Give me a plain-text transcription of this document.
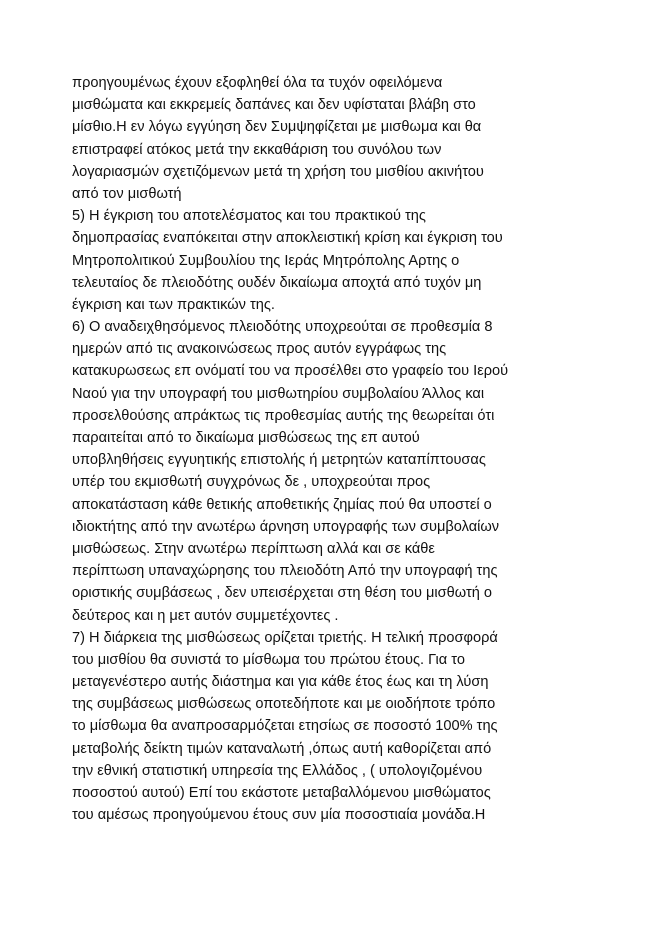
προηγουμένως έχουν εξοφληθεί όλα τα τυχόν οφειλόμενα
μισθώματα και εκκρεμείς δαπάνες και δεν υφίσταται βλάβη στο
μίσθιο.Η εν λόγω εγγύηση δεν Συμψηφίζεται με μισθωμα και θα
επιστραφεί ατόκος μετά την εκκαθάριση του συνόλου των
λογαριασμών σχετιζόμενων μετά τη χρήση του μισθίου ακινήτου
από τον μισθωτή
5) Η έγκριση του αποτελέσματος και του πρακτικού της
δημοπρασίας εναπόκειται στην αποκλειστική κρίση και έγκριση του
Μητροπολιτικού Συμβουλίου της Ιεράς Μητρόπολης Αρτης ο
τελευταίος δε πλειοδότης ουδέν δικαίωμα αποχτά από τυχόν μη
έγκριση και των πρακτικών της.
6) Ο αναδειχθησόμενος πλειοδότης υποχρεούται σε προθεσμία 8
ημερών από τις ανακοινώσεως προς αυτόν εγγράφως της
κατακυρωσεως επ ονόματί του να προσέλθει στο γραφείο του Ιερού
Ναού για την υπογραφή του μισθωτηρίου συμβολαίου Άλλος και
προσελθούσης απράκτως τις προθεσμίας αυτής της θεωρείται ότι
παραιτείται από το δικαίωμα μισθώσεως της επ αυτού
υποβληθήσεις εγγυητικής επιστολής ή μετρητών καταπίπτουσας
υπέρ του εκμισθωτή συγχρόνως δε , υποχρεούται προς
αποκατάσταση κάθε θετικής αποθετικής ζημίας πού θα υποστεί ο
ιδιοκτήτης από την ανωτέρω άρνηση υπογραφής των συμβολαίων
μισθώσεως. Στην ανωτέρω περίπτωση αλλά και σε κάθε
περίπτωση υπαναχώρησης του πλειοδότη Από την υπογραφή της
οριστικής συμβάσεως , δεν υπεισέρχεται στη θέση του μισθωτή ο
δεύτερος και η μετ αυτόν συμμετέχοντες .
7) Η διάρκεια της μισθώσεως ορίζεται τριετής. Η τελική προσφορά
του μισθίου θα συνιστά το μίσθωμα του πρώτου έτους. Για το
μεταγενέστερο αυτής διάστημα και για κάθε έτος έως και τη λύση
της συμβάσεως μισθώσεως οποτεδήποτε και με οιοδήποτε τρόπο
το μίσθωμα θα αναπροσαρμόζεται ετησίως σε ποσοστό 100% της
μεταβολής δείκτη τιμών καταναλωτή ,όπως αυτή καθορίζεται από
την εθνική στατιστική υπηρεσία της Ελλάδος , ( υπολογιζομένου
ποσοστού αυτού) Επί του εκάστοτε μεταβαλλόμενου μισθώματος
του αμέσως προηγούμενου έτους συν μία ποσοστιαία μονάδα.Η
